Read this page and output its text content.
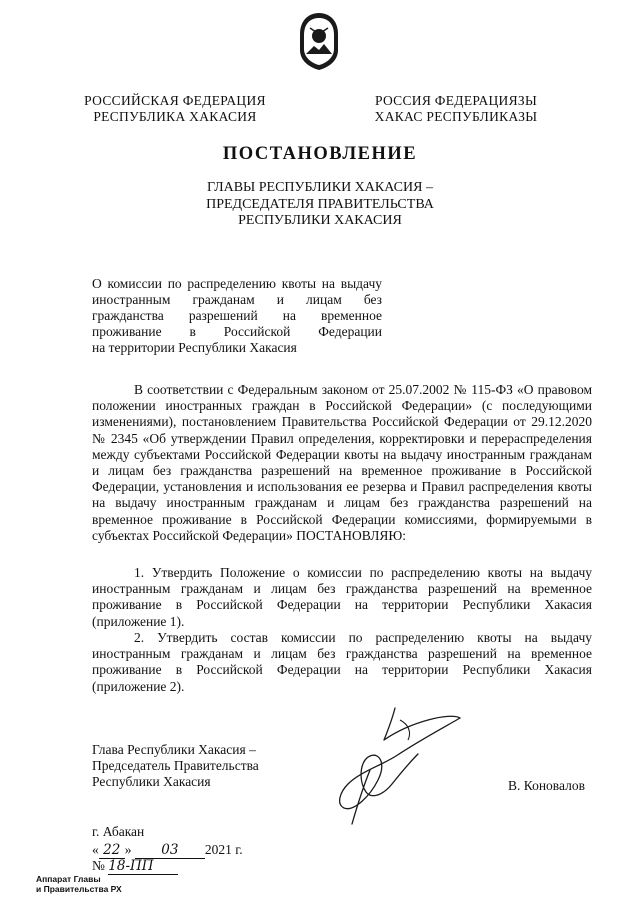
РОССИЙСКАЯ ФЕДЕРАЦИЯ
РЕСПУБЛИКА ХАКАСИЯ
РОССИЯ ФЕДЕРАЦИЯЗЫ
ХАКАС РЕСПУБЛИКАЗЫ
ПОСТАНОВЛЕНИЕ
ГЛАВЫ РЕСПУБЛИКИ ХАКАСИЯ –
ПРЕДСЕДАТЕЛЯ ПРАВИТЕЛЬСТВА
РЕСПУБЛИКИ ХАКАСИЯ
О комиссии по распределению квоты на выдачу
иностранным гражданам и лицам без
гражданства разрешений на временное
проживание в Российской Федерации
на территории Республики Хакасия
В соответствии с Федеральным законом от 25.07.2002 № 115-ФЗ «О правовом положении иностранных граждан в Российской Федерации» (с последующими изменениями), постановлением Правительства Российской Федерации от 29.12.2020 № 2345 «Об утверждении Правил определения, корректировки и перераспределения между субъектами Российской Федерации квоты на выдачу иностранным гражданам и лицам без гражданства разрешений на временное проживание в Российской Федерации, установления и использования ее резерва и Правил распределения квоты на выдачу иностранным гражданам и лицам без гражданства разрешений на временное проживание в Российской Федерации комиссиями, формируемыми в субъектах Российской Федерации» ПОСТАНОВЛЯЮ:
1. Утвердить Положение о комиссии по распределению квоты на выдачу иностранным гражданам и лицам без гражданства разрешений на временное проживание в Российской Федерации на территории Республики Хакасия (приложение 1).
2. Утвердить состав комиссии по распределению квоты на выдачу иностранным гражданам и лицам без гражданства разрешений на временное проживание в Российской Федерации на территории Республики Хакасия (приложение 2).
Глава Республики Хакасия –
Председатель Правительства
Республики Хакасия	В. Коновалов
г. Абакан
« 22 » 03 2021 г.
№ 18-ПП
Аппарат Главы
и Правительства РХ
